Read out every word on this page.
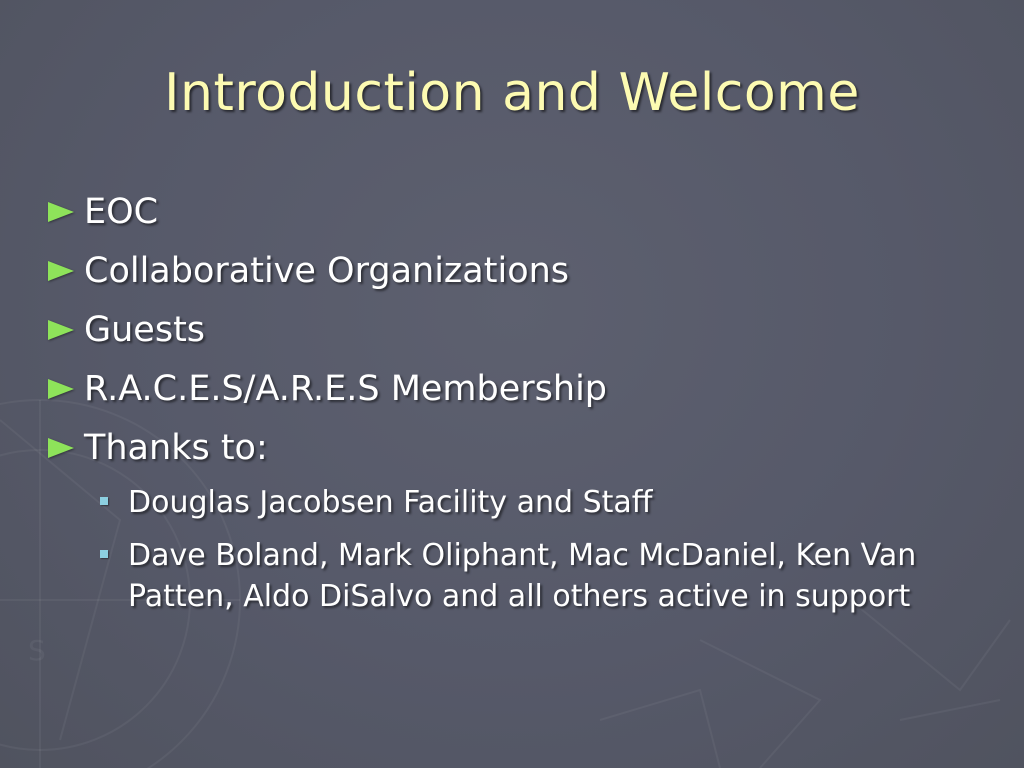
S
Introduction and Welcome
EOC
Collaborative Organizations
Guests
R.A.C.E.S/A.R.E.S Membership
Thanks to:
Douglas Jacobsen Facility and Staff
Dave Boland, Mark Oliphant, Mac McDaniel, Ken Van Patten, Aldo DiSalvo and all others active in support
